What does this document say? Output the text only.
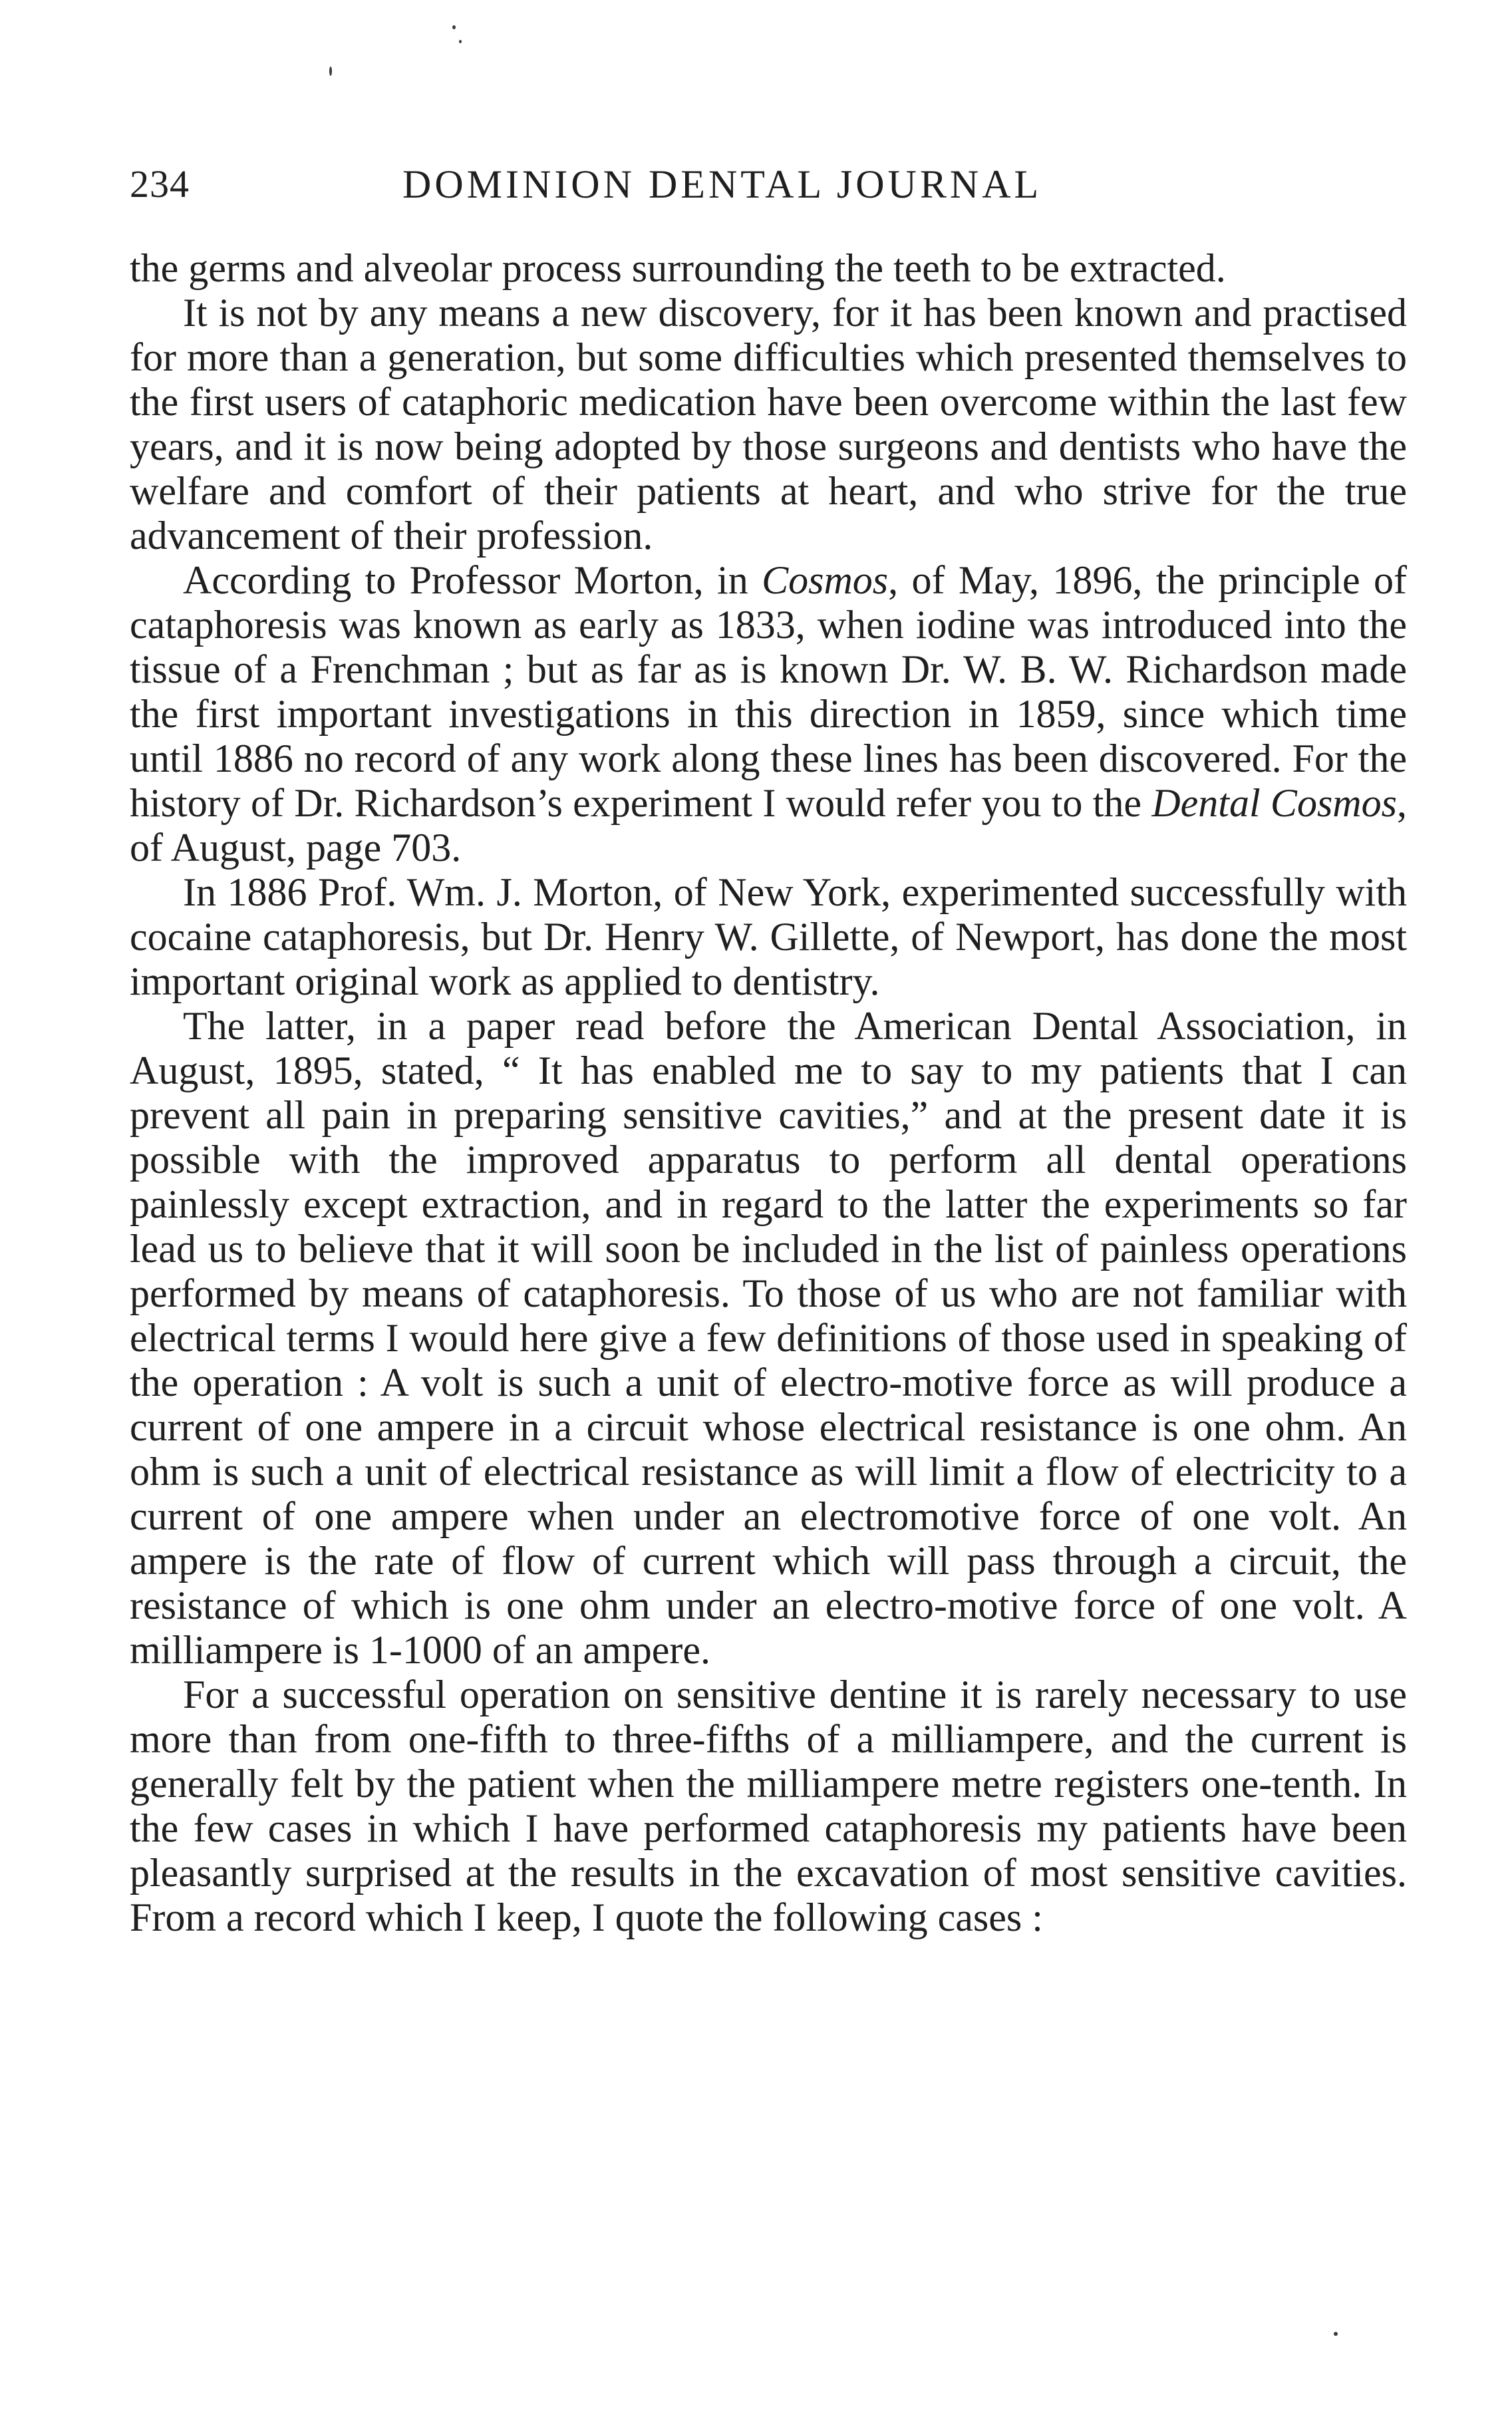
234	DOMINION DENTAL JOURNAL

the germs and alveolar process surrounding the teeth to be extracted.

It is not by any means a new discovery, for it has been known and practised for more than a generation, but some difficulties which presented themselves to the first users of cataphoric medication have been overcome within the last few years, and it is now being adopted by those surgeons and dentists who have the welfare and comfort of their patients at heart, and who strive for the true advancement of their profession.

According to Professor Morton, in Cosmos, of May, 1896, the principle of cataphoresis was known as early as 1833, when iodine was introduced into the tissue of a Frenchman ; but as far as is known Dr. W. B. W. Richardson made the first important investigations in this direction in 1859, since which time until 1886 no record of any work along these lines has been discovered. For the history of Dr. Richardson’s experiment I would refer you to the Dental Cosmos, of August, page 703.

In 1886 Prof. Wm. J. Morton, of New York, experimented successfully with cocaine cataphoresis, but Dr. Henry W. Gillette, of Newport, has done the most important original work as applied to dentistry.

The latter, in a paper read before the American Dental Association, in August, 1895, stated, “ It has enabled me to say to my patients that I can prevent all pain in preparing sensitive cavities,” and at the present date it is possible with the improved apparatus to perform all dental operations painlessly except extraction, and in regard to the latter the experiments so far lead us to believe that it will soon be included in the list of painless operations performed by means of cataphoresis. To those of us who are not familiar with electrical terms I would here give a few definitions of those used in speaking of the operation : A volt is such a unit of electro-motive force as will produce a current of one ampere in a circuit whose electrical resistance is one ohm. An ohm is such a unit of electrical resistance as will limit a flow of electricity to a current of one ampere when under an electromotive force of one volt. An ampere is the rate of flow of current which will pass through a circuit, the resistance of which is one ohm under an electro-motive force of one volt. A milliampere is 1-1000 of an ampere.

For a successful operation on sensitive dentine it is rarely necessary to use more than from one-fifth to three-fifths of a milliampere, and the current is generally felt by the patient when the milliampere metre registers one-tenth. In the few cases in which I have performed cataphoresis my patients have been pleasantly surprised at the results in the excavation of most sensitive cavities. From a record which I keep, I quote the following cases :
